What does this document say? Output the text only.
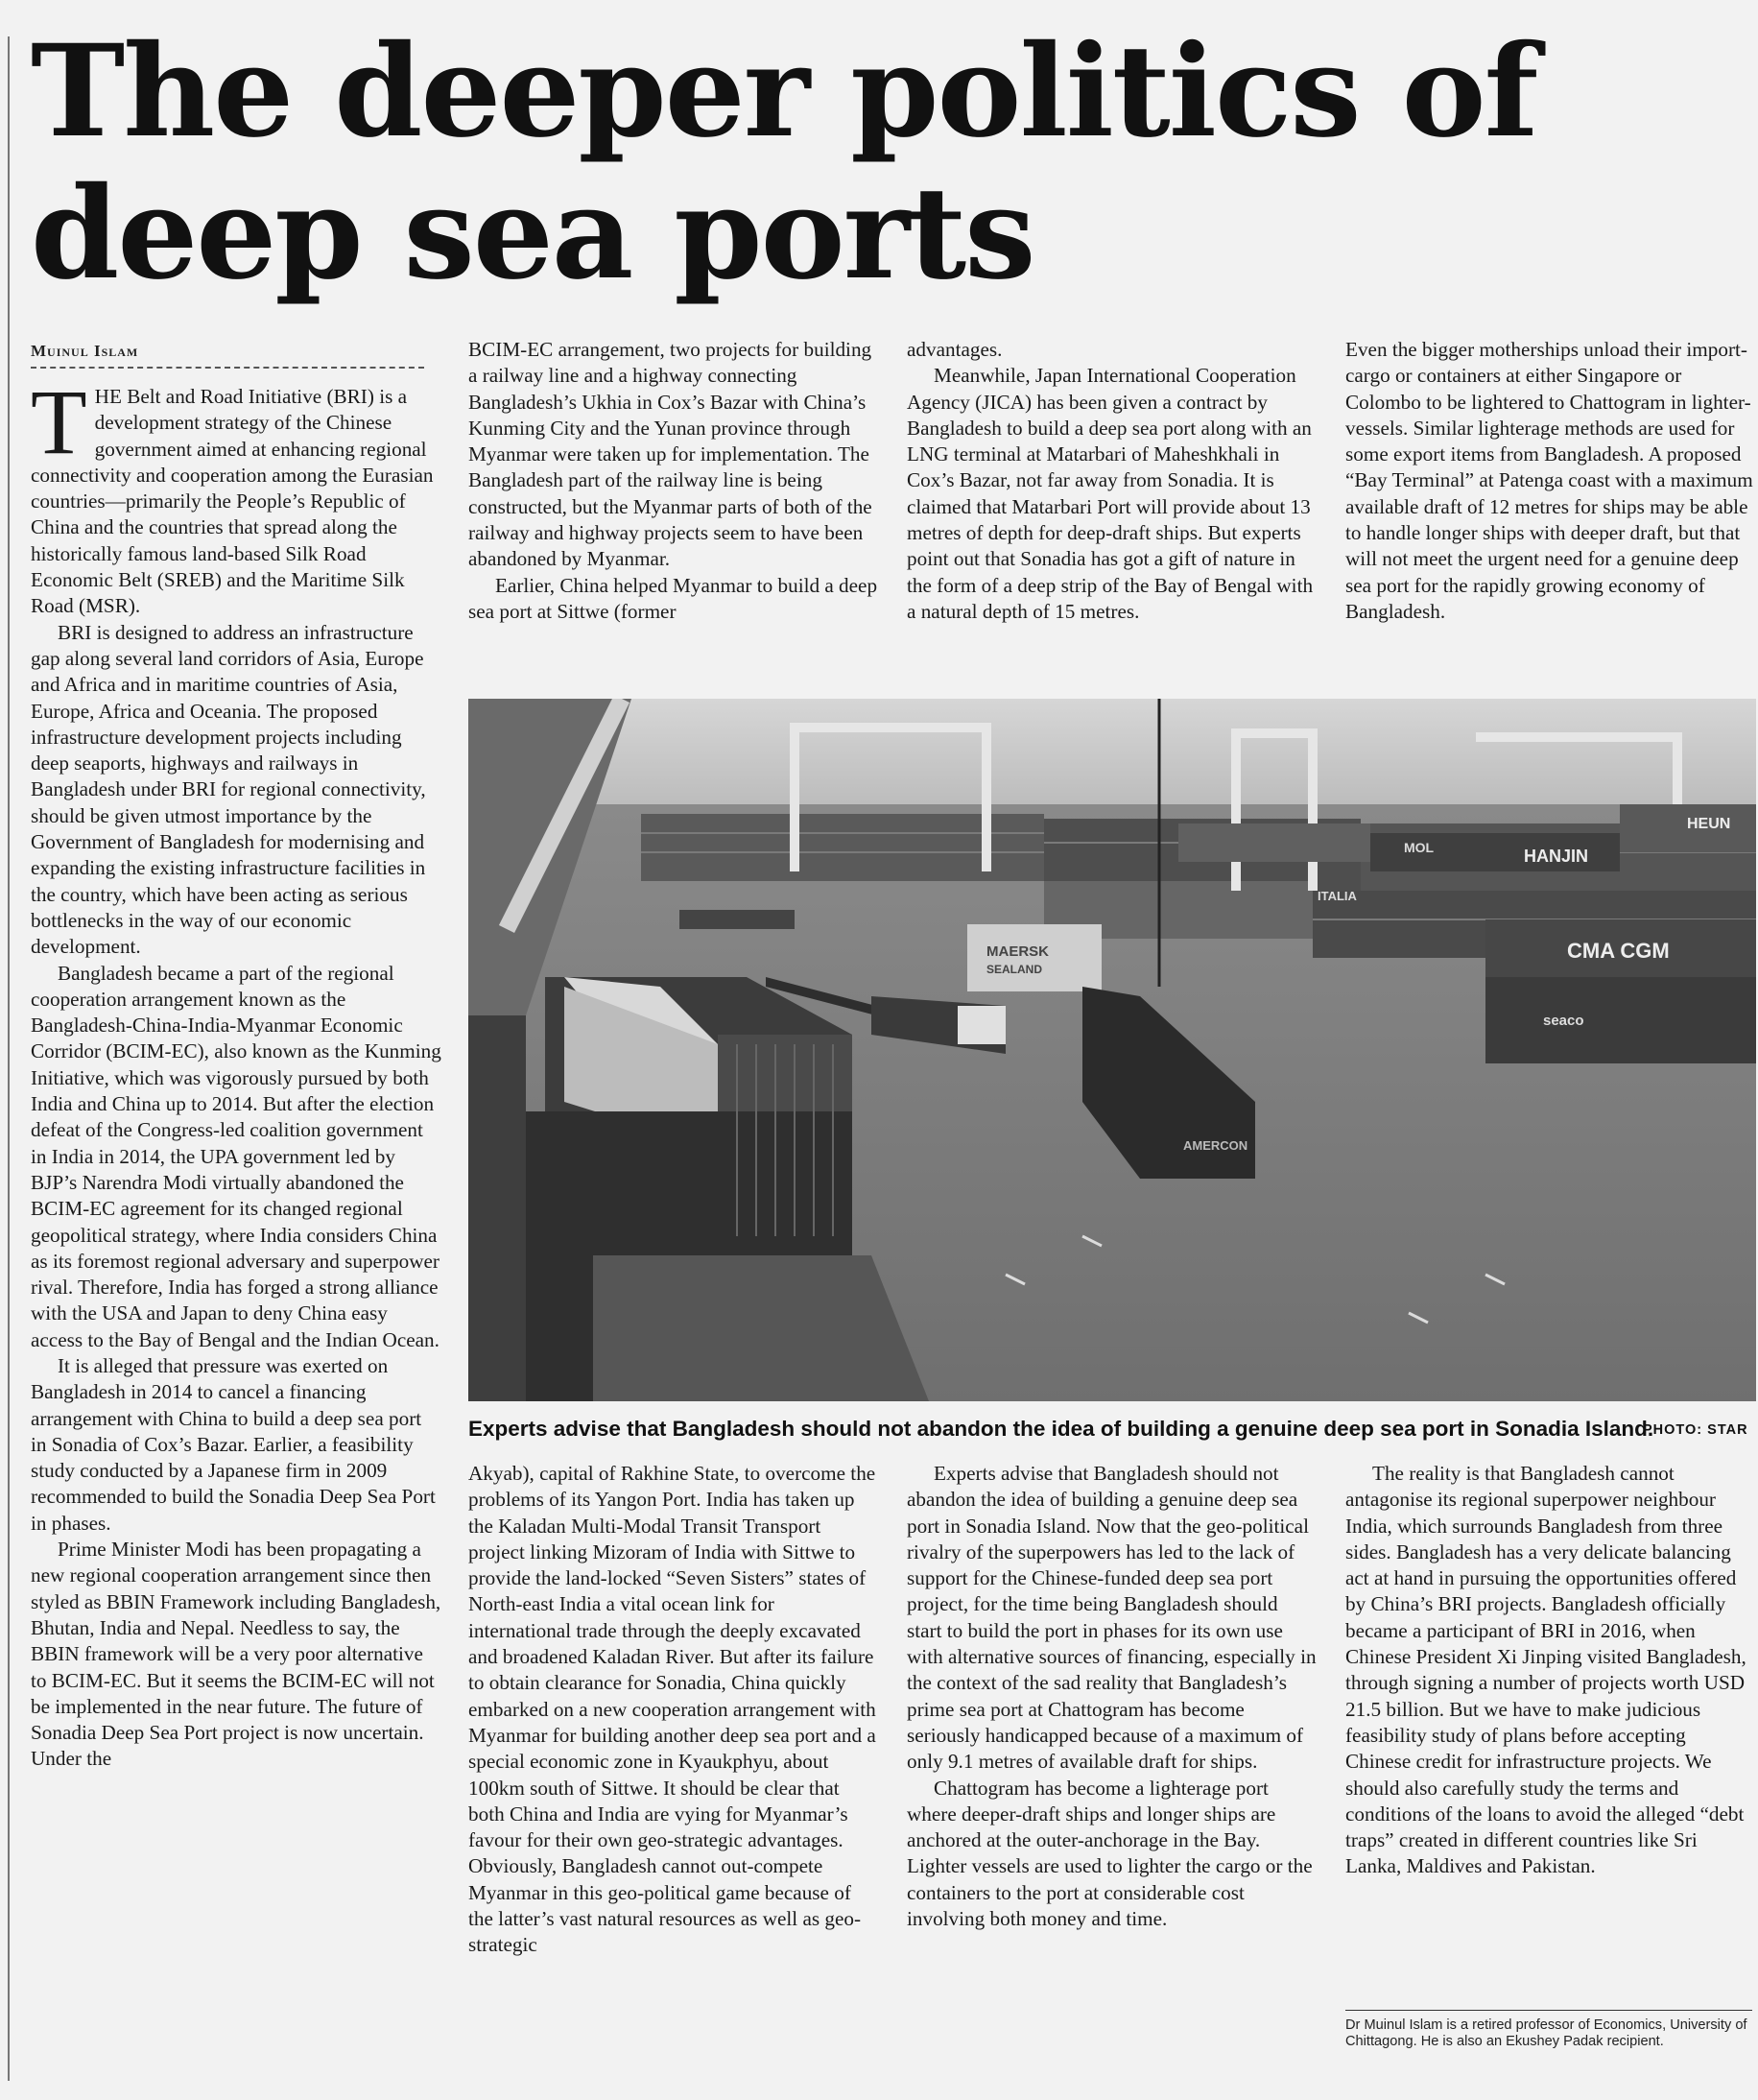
The deeper politics of
deep sea ports
Muinul Islam

THE Belt and Road Initiative (BRI) is a development strategy of the Chinese government aimed at enhancing regional connectivity and cooperation among the Eurasian countries—primarily the People’s Republic of China and the countries that spread along the historically famous land-based Silk Road Economic Belt (SREB) and the Maritime Silk Road (MSR).

BRI is designed to address an infrastructure gap along several land corridors of Asia, Europe and Africa and in maritime countries of Asia, Europe, Africa and Oceania. The proposed infrastructure development projects including deep seaports, highways and railways in Bangladesh under BRI for regional connectivity, should be given utmost importance by the Government of Bangladesh for modernising and expanding the existing infrastructure facilities in the country, which have been acting as serious bottlenecks in the way of our economic development.

Bangladesh became a part of the regional cooperation arrangement known as the Bangladesh-China-India-Myanmar Economic Corridor (BCIM-EC), also known as the Kunming Initiative, which was vigorously pursued by both India and China up to 2014. But after the election defeat of the Congress-led coalition government in India in 2014, the UPA government led by BJP’s Narendra Modi virtually abandoned the BCIM-EC agreement for its changed regional geopolitical strategy, where India considers China as its foremost regional adversary and superpower rival. Therefore, India has forged a strong alliance with the USA and Japan to deny China easy access to the Bay of Bengal and the Indian Ocean.

It is alleged that pressure was exerted on Bangladesh in 2014 to cancel a financing arrangement with China to build a deep sea port in Sonadia of Cox’s Bazar. Earlier, a feasibility study conducted by a Japanese firm in 2009 recommended to build the Sonadia Deep Sea Port in phases.

Prime Minister Modi has been propagating a new regional cooperation arrangement since then styled as BBIN Framework including Bangladesh, Bhutan, India and Nepal. Needless to say, the BBIN framework will be a very poor alternative to BCIM-EC. But it seems the BCIM-EC will not be implemented in the near future. The future of Sonadia Deep Sea Port project is now uncertain. Under the

BCIM-EC arrangement, two projects for building a railway line and a highway connecting Bangladesh’s Ukhia in Cox’s Bazar with China’s Kunming City and the Yunan province through Myanmar were taken up for implementation. The Bangladesh part of the railway line is being constructed, but the Myanmar parts of both of the railway and highway projects seem to have been abandoned by Myanmar.

Earlier, China helped Myanmar to build a deep sea port at Sittwe (former

advantages.

Meanwhile, Japan International Cooperation Agency (JICA) has been given a contract by Bangladesh to build a deep sea port along with an LNG terminal at Matarbari of Maheshkhali in Cox’s Bazar, not far away from Sonadia. It is claimed that Matarbari Port will provide about 13 metres of depth for deep-draft ships. But experts point out that Sonadia has got a gift of nature in the form of a deep strip of the Bay of Bengal with a natural depth of 15 metres.

Even the bigger motherships unload their import-cargo or containers at either Singapore or Colombo to be lightered to Chattogram in lighter-vessels. Similar lighterage methods are used for some export items from Bangladesh. A proposed “Bay Terminal” at Patenga coast with a maximum available draft of 12 metres for ships may be able to handle longer ships with deeper draft, but that will not meet the urgent need for a genuine deep sea port for the rapidly growing economy of Bangladesh.

HANJIN
CMA CGM
HEUN
MOL
ITALIA
seaco
MAERSK
SEALAND
AMERCON
Experts advise that Bangladesh should not abandon the idea of building a genuine deep sea port in Sonadia Island.
PHOTO: STAR

Akyab), capital of Rakhine State, to overcome the problems of its Yangon Port. India has taken up the Kaladan Multi-Modal Transit Transport project linking Mizoram of India with Sittwe to provide the land-locked “Seven Sisters” states of North-east India a vital ocean link for international trade through the deeply excavated and broadened Kaladan River. But after its failure to obtain clearance for Sonadia, China quickly embarked on a new cooperation arrangement with Myanmar for building another deep sea port and a special economic zone in Kyaukphyu, about 100km south of Sittwe. It should be clear that both China and India are vying for Myanmar’s favour for their own geo-strategic advantages. Obviously, Bangladesh cannot out-compete Myanmar in this geo-political game because of the latter’s vast natural resources as well as geo-strategic

Experts advise that Bangladesh should not abandon the idea of building a genuine deep sea port in Sonadia Island. Now that the geo-political rivalry of the superpowers has led to the lack of support for the Chinese-funded deep sea port project, for the time being Bangladesh should start to build the port in phases for its own use with alternative sources of financing, especially in the context of the sad reality that Bangladesh’s prime sea port at Chattogram has become seriously handicapped because of a maximum of only 9.1 metres of available draft for ships.

Chattogram has become a lighterage port where deeper-draft ships and longer ships are anchored at the outer-anchorage in the Bay. Lighter vessels are used to lighter the cargo or the containers to the port at considerable cost involving both money and time.

The reality is that Bangladesh cannot antagonise its regional superpower neighbour India, which surrounds Bangladesh from three sides. Bangladesh has a very delicate balancing act at hand in pursuing the opportunities offered by China’s BRI projects. Bangladesh officially became a participant of BRI in 2016, when Chinese President Xi Jinping visited Bangladesh, through signing a number of projects worth USD 21.5 billion. But we have to make judicious feasibility study of plans before accepting Chinese credit for infrastructure projects. We should also carefully study the terms and conditions of the loans to avoid the alleged “debt traps” created in different countries like Sri Lanka, Maldives and Pakistan.

Dr Muinul Islam is a retired professor of Economics, University of Chittagong. He is also an Ekushey Padak recipient.
